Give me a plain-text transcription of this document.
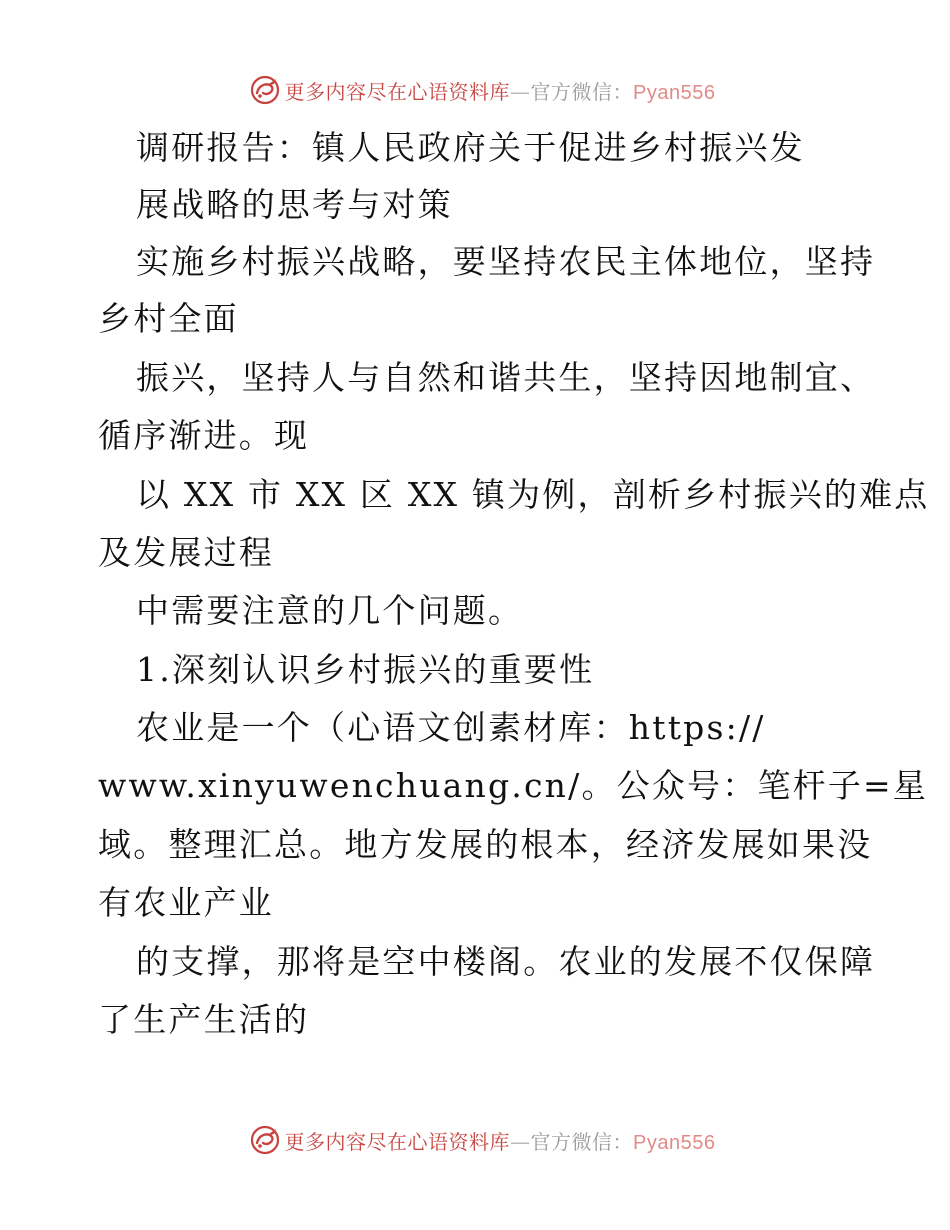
更多内容尽在心语资料库—官方微信：Pyan556
调研报告：镇人民政府关于促进乡村振兴发
展战略的思考与对策
实施乡村振兴战略，要坚持农民主体地位，坚持
乡村全面
振兴，坚持人与自然和谐共生，坚持因地制宜、
循序渐进。现
以 XX 市 XX 区 XX 镇为例，剖析乡村振兴的难点
及发展过程
中需要注意的几个问题。
1.深刻认识乡村振兴的重要性
农业是一个（心语文创素材库：https://
www.xinyuwenchuang.cn/。公众号：笔杆子=星
域。整理汇总。地方发展的根本，经济发展如果没
有农业产业
的支撑，那将是空中楼阁。农业的发展不仅保障
了生产生活的
更多内容尽在心语资料库—官方微信：Pyan556
